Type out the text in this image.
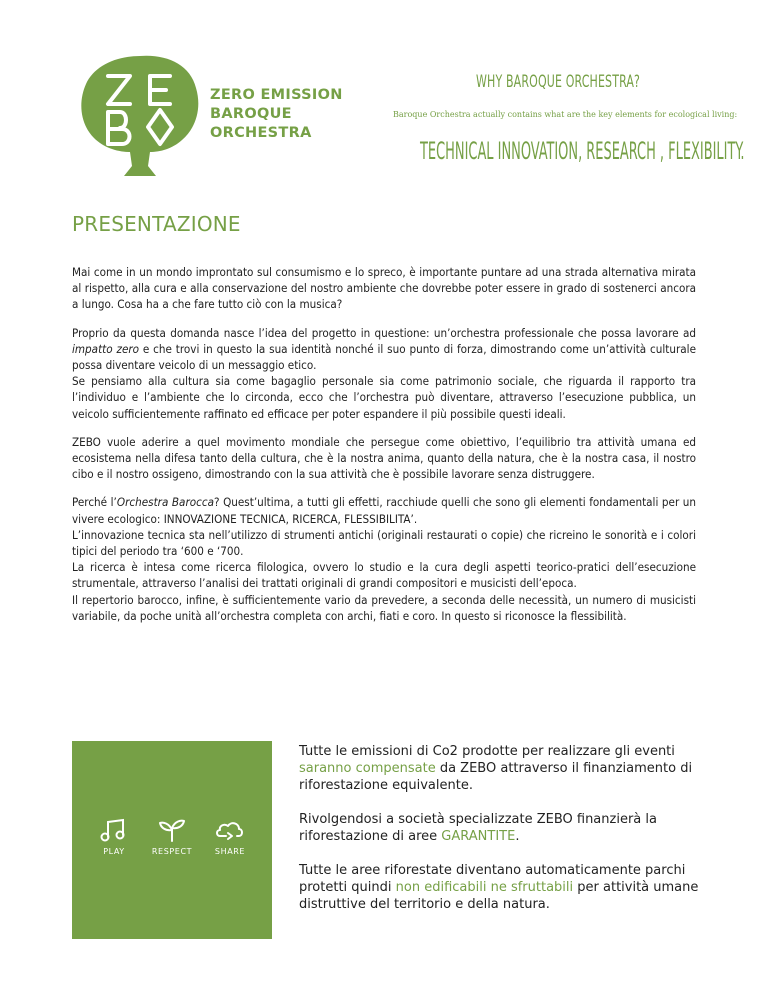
Z	E
B	O
ZERO EMISSION
BAROQUE
ORCHESTRA
WHY BAROQUE ORCHESTRA?
Baroque Orchestra actually contains what are the key elements for ecological living:
TECHNICAL INNOVATION, RESEARCH , FLEXIBILITY.
PRESENTAZIONE

Mai come in un mondo improntato sul consumismo e lo spreco, è importante puntare ad una strada alternativa mirata al rispetto, alla cura e alla conservazione del nostro ambiente che dovrebbe poter essere in grado di sostenerci ancora a lungo. Cosa ha a che fare tutto ciò con la musica?

Proprio da questa domanda nasce l’idea del progetto in questione: un’orchestra professionale che possa lavorare ad impatto zero e che trovi in questo la sua identità nonché il suo punto di forza, dimostrando come un’attività culturale possa diventare veicolo di un messaggio etico.

Se pensiamo alla cultura sia come bagaglio personale sia come patrimonio sociale, che riguarda il rapporto tra l’individuo e l’ambiente che lo circonda, ecco che l’orchestra può diventare, attraverso l’esecuzione pubblica, un veicolo sufficientemente raffinato ed efficace per poter espandere il più possibile questi ideali.

ZEBO vuole aderire a quel movimento mondiale che persegue come obiettivo, l’equilibrio tra attività umana ed ecosistema nella difesa tanto della cultura, che è la nostra anima, quanto della natura, che è la nostra casa, il nostro cibo e il nostro ossigeno, dimostrando con la sua attività che è possibile lavorare senza distruggere.

Perché l’Orchestra Barocca? Quest’ultima, a tutti gli effetti, racchiude quelli che sono gli elementi fondamentali per un vivere ecologico: INNOVAZIONE TECNICA, RICERCA, FLESSIBILITA’.

L’innovazione tecnica sta nell’utilizzo di strumenti antichi (originali restaurati o copie) che ricreino le sonorità e i colori tipici del periodo tra ‘600 e ‘700.

La ricerca è intesa come ricerca filologica, ovvero lo studio e la cura degli aspetti teorico-pratici dell’esecuzione strumentale, attraverso l’analisi dei trattati originali di grandi compositori e musicisti dell’epoca.

Il repertorio barocco, infine, è sufficientemente vario da prevedere, a seconda delle necessità, un numero di musicisti variabile, da poche unità all’orchestra completa con archi, fiati e coro. In questo si riconosce la flessibilità.

PLAY	RESPECT	SHARE

Tutte le emissioni di Co2 prodotte per realizzare gli eventi saranno compensate da ZEBO attraverso il finanziamento di riforestazione equivalente.

Rivolgendosi a società specializzate ZEBO finanzierà la riforestazione di aree GARANTITE.

Tutte le aree riforestate diventano automaticamente parchi protetti quindi non edificabili ne sfruttabili per attività umane distruttive del territorio e della natura.
